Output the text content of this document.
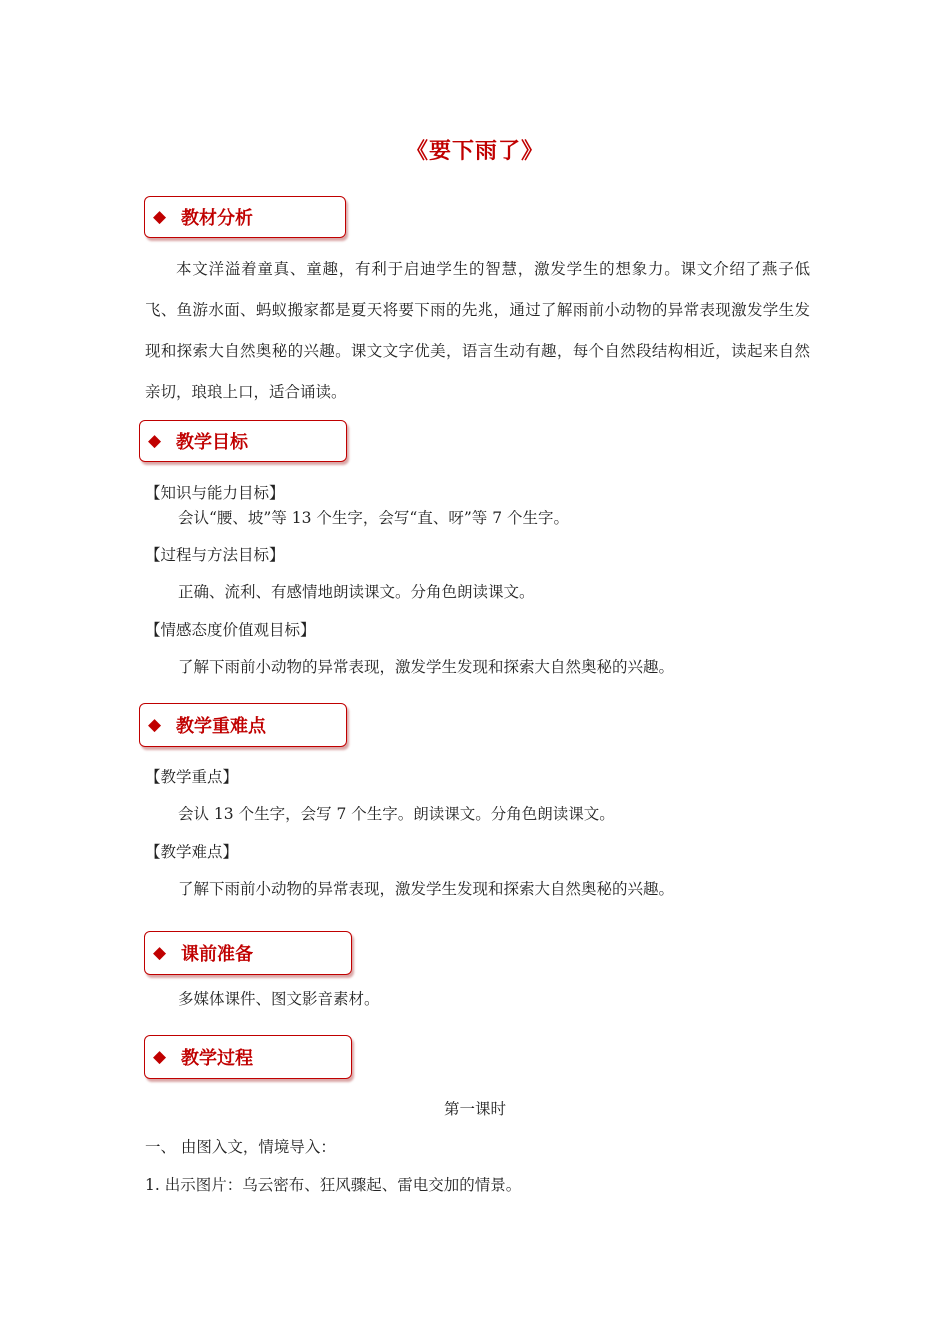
《要下雨了》
◆ 教材分析
本文洋溢着童真、童趣，有利于启迪学生的智慧，激发学生的想象力。课文介绍了燕子低飞、鱼游水面、蚂蚁搬家都是夏天将要下雨的先兆，通过了解雨前小动物的异常表现激发学生发现和探索大自然奥秘的兴趣。课文文字优美，语言生动有趣，每个自然段结构相近，读起来自然亲切，琅琅上口，适合诵读。
◆ 教学目标
【知识与能力目标】
会认“腰、坡”等 13 个生字，会写“直、呀”等 7 个生字。
【过程与方法目标】
正确、流利、有感情地朗读课文。分角色朗读课文。
【情感态度价值观目标】
了解下雨前小动物的异常表现，激发学生发现和探索大自然奥秘的兴趣。
◆ 教学重难点
【教学重点】
会认 13 个生字，会写 7 个生字。朗读课文。分角色朗读课文。
【教学难点】
了解下雨前小动物的异常表现，激发学生发现和探索大自然奥秘的兴趣。
◆ 课前准备
多媒体课件、图文影音素材。
◆ 教学过程
第一课时
一、 由图入文，情境导入：
1. 出示图片：乌云密布、狂风骤起、雷电交加的情景。
